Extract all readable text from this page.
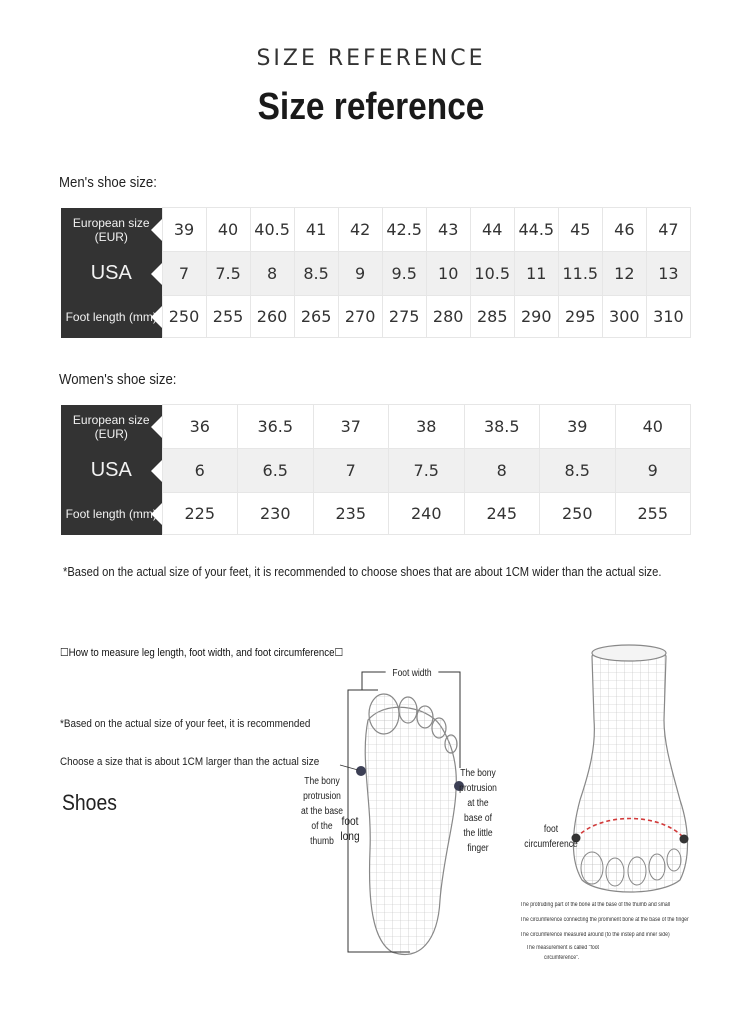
SIZE REFERENCE
Size reference
Men's shoe size:
European size (EUR)	39	40	40.5	41	42	42.5	43	44	44.5	45	46	47
USA	7	7.5	8	8.5	9	9.5	10	10.5	11	11.5	12	13
Foot length (mm)	250	255	260	265	270	275	280	285	290	295	300	310
Women's shoe size:
European size (EUR)	36	36.5	37	38	38.5	39	40
USA	6	6.5	7	7.5	8	8.5	9
Foot length (mm)	225	230	235	240	245	250	255
*Based on the actual size of your feet, it is recommended to choose shoes that are about 1CM wider than the actual size.
☐How to measure leg length, foot width, and foot circumference☐
*Based on the actual size of your feet, it is recommended
Choose a size that is about 1CM larger than the actual size
Shoes
Foot width
The bony protrusion at the base of the thumb
foot long
The bony protrusion at the base of the little finger
foot circumference
The protruding part of the bone at the base of the thumb and small
The circumference connecting the prominent bone at the base of the finger
The circumference measured around (to the instep and inner side)
The measurement is called "foot
circumference".
